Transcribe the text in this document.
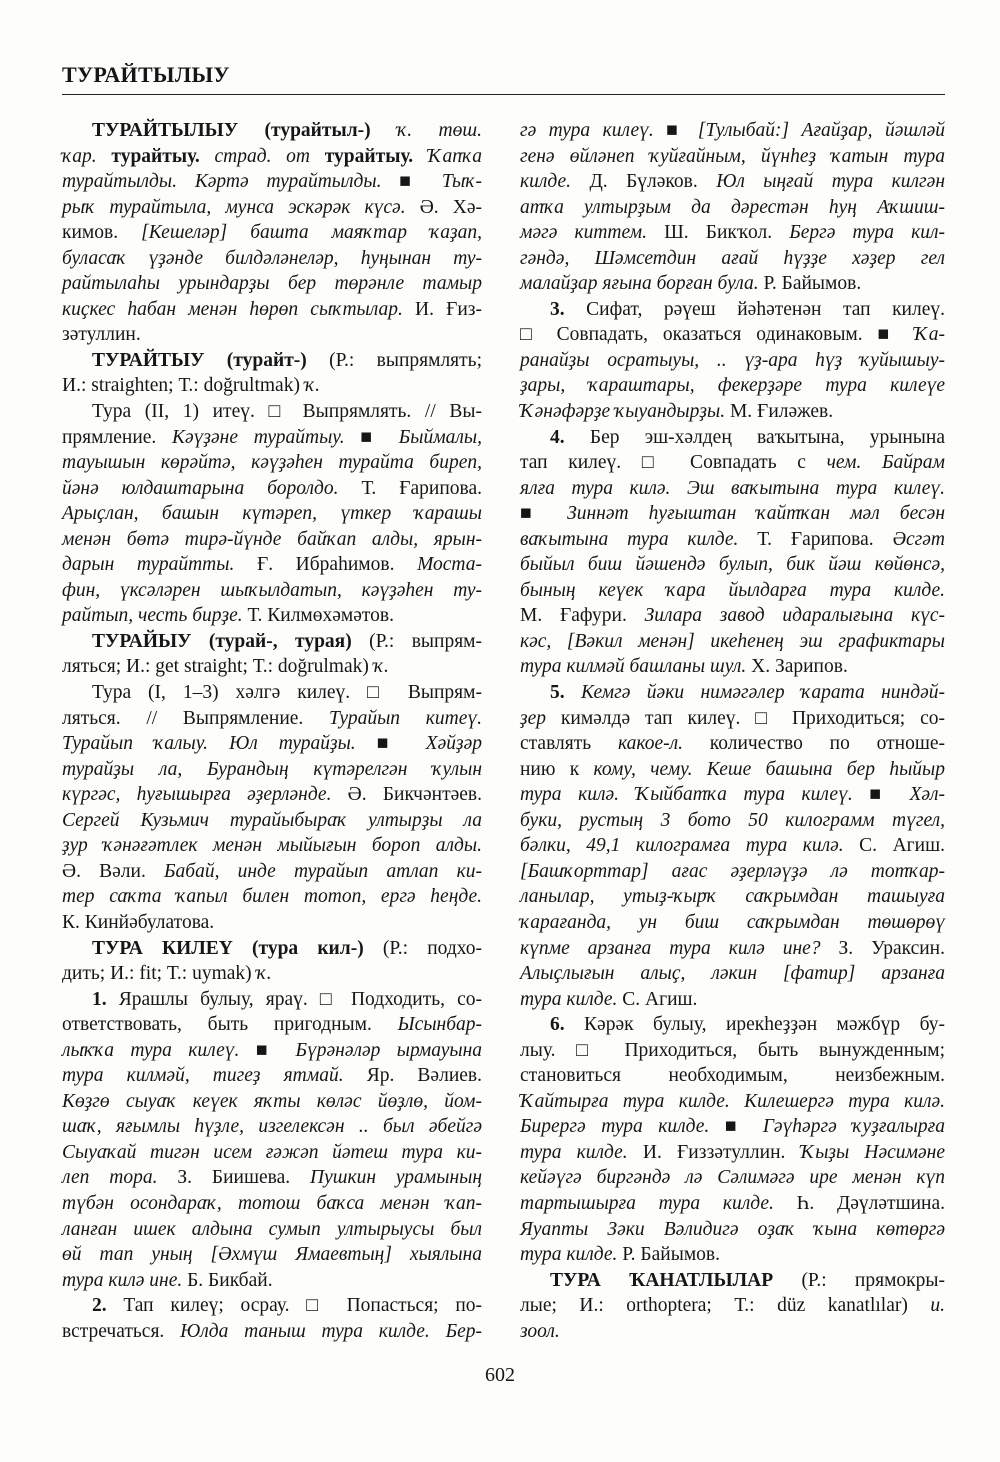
ТУРАЙТЫЛЫУ
ТУРАЙТЫЛЫУ (турайтыл-) ҡ. төш.
ҡар. турайтыу. страд. от турайтыу. Ҡапҡа
турайтылды. Кәртә турайтылды. ■ Тыҡ-
рыҡ турайтыла, мунса эскәрәк күсә. Ә. Хә-
кимов. [Кешеләр] башта маяҡтар ҡаҙап,
буласаҡ үҙәнде билдәләнеләр, һуңынан ту-
райтылаһы урындарҙы бер төрәнле тамыр
киҫкес һабан менән һөрөп сыҡтылар. И. Ғиз-
зәтуллин.
ТУРАЙТЫУ (турайт-) (Р.: выпрямлять;
И.: straighten; Т.: doğrultmak) ҡ.
Тура (II, 1) итеү. □ Выпрямлять. // Вы-
прямление. Кәүҙәне турайтыу. ■ Быймалы,
тауышын көрәйтә, кәүҙәһен турайта биреп,
йәнә юлдаштарына боролдо. Т. Ғарипова.
Арыҫлан, башын күтәреп, үткер ҡарашы
менән бөтә тирә-йүнде байҡап алды, ярын-
дарын турайтты. Ғ. Ибраһимов. Моста-
фин, үксәләрен шыҡылдатып, кәүҙәһен ту-
райтып, честь бирҙе. Т. Килмөхәмәтов.
ТУРАЙЫУ (турай-, турая) (Р.: выпрям-
ляться; И.: get straight; Т.: doğrulmak) ҡ.
Тура (I, 1–3) хәлгә килеү. □ Выпрям-
ляться. // Выпрямление. Турайып китеү.
Турайып ҡалыу. Юл турайҙы. ■ Хәйҙәр
турайҙы ла, Бурандың күтәрелгән ҡулын
күргәс, һуғышырға әҙерләнде. Ә. Бикчәнтәев.
Сергей Кузьмич турайыбыраҡ ултырҙы ла
ҙур ҡәнәғәтлек менән мыйығын бороп алды.
Ә. Вәли. Бабай, инде турайып атлап ки-
тер саҡта ҡапыл билен тотоп, ергә һеңде.
К. Кинйәбулатова.
ТУРА КИЛЕҮ (тура кил-) (Р.: подхо-
дить; И.: fit; Т.: uymak) ҡ.
1. Ярашлы булыу, яраү. □ Подходить, со-
ответствовать, быть пригодным. Ысынбар-
лыҡҡа тура килеү. ■ Бүрәнәләр ырмауына
тура килмәй, тигеҙ ятмай. Яр. Вәлиев.
Көҙгө сыуаҡ кеүек яҡты көләс йөҙлө, йом-
шаҡ, яғымлы һүҙле, изгелексән .. был әбейгә
Сыуаҡай тигән исем ғәжәп йәтеш тура ки-
леп тора. З. Биишева. Пушкин урамының
түбән осондараҡ, тотош баҡса менән ҡап-
ланған ишек алдына сумып ултырыусы был
өй тап уның [Әхмүш Ямаевтың] хыялына
тура килә ине. Б. Бикбай.
2. Тап килеү; осрау. □ Попасться; по-
встречаться. Юлда таныш тура килде. Бер-
гә тура килеү. ■ [Тулыбай:] Ағайҙар, йәшләй
генә өйләнеп ҡуйғайным, йүнһеҙ ҡатын тура
килде. Д. Бүләков. Юл ыңғай тура килгән
атҡа ултырҙым да дәрестән һуң Аҡшиш-
мәгә киттем. Ш. Бикҡол. Бергә тура кил-
гәндә, Шәмсетдин ағай һүҙҙе хәҙер гел
малайҙар яғына борған була. Р. Байымов.
3. Сифат, рәүеш йәһәтенән тап килеү.
□ Совпадать, оказаться одинаковым. ■ Ҡа-
ранайҙы осратыуы, .. үҙ-ара һүҙ ҡуйышыу-
ҙары, ҡараштары, фекерҙәре тура килеүе
Ҡәнәфәрҙе ҡыуандырҙы. М. Ғиләжев.
4. Бер эш-хәлдең ваҡытына, урынына
тап килеү. □ Совпадать с чем. Байрам
ялға тура килә. Эш ваҡытына тура килеү.
■ Зиннәт һуғыштан ҡайтҡан мәл бесән
ваҡытына тура килде. Т. Ғарипова. Әсгәт
быйыл биш йәшендә булып, бик йәш көйөнсә,
бының кеүек ҡара йылдарға тура килде.
М. Ғафури. Зилара завод идаралығына күс-
кәс, [Вәкил менән] икеһенең эш графиктары
тура килмәй башланы шул. Х. Зарипов.
5. Кемгә йәки нимәгәлер ҡарата ниндәй-
ҙер кимәлдә тап килеү. □ Приходиться; со-
ставлять какое-л. количество по отноше-
нию к кому, чему. Кеше башына бер һыйыр
тура килә. Ҡыйбатҡа тура килеү. ■ Хәл-
буки, рустың 3 бото 50 килограмм түгел,
бәлки, 49,1 килограмға тура килә. С. Агиш.
[Башҡорттар] ағас әҙерләүҙә лә тотҡар-
ланылар, утыҙ-ҡырҡ саҡрымдан ташыуға
ҡарағанда, ун биш саҡрымдан төшөрөү
күпме арзанға тура килә ине? З. Ураксин.
Алыҫлығын алыҫ, ләкин [фатир] арзанға
тура килде. С. Агиш.
6. Кәрәк булыу, ирекһеҙҙән мәжбүр бу-
лыу. □ Приходиться, быть вынужденным;
становиться необходимым, неизбежным.
Ҡайтырға тура килде. Килешергә тура килә.
Бирергә тура килде. ■ Гәүһәргә ҡуҙғалырға
тура килде. И. Ғиззәтуллин. Ҡыҙы Нәсимәне
кейәүгә биргәндә лә Сәлимәгә ире менән күп
тартышырға тура килде. Һ. Дәүләтшина.
Яуапты Зәки Вәлидигә оҙаҡ ҡына көтөргә
тура килде. Р. Байымов.
ТУРА ҠАНАТЛЫЛАР (Р.: прямокры-
лые; И.: orthoptera; Т.: düz kanatlılar) и.
зоол.
602
